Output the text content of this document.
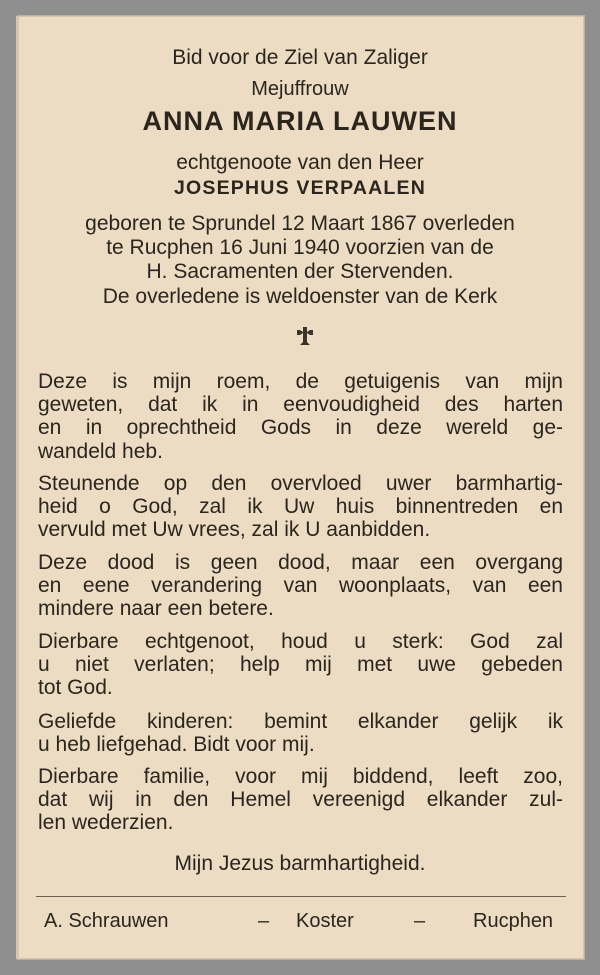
Bid voor de Ziel van Zaliger
Mejuffrouw
ANNA MARIA LAUWEN
echtgenoote van den Heer
JOSEPHUS VERPAALEN
geboren te Sprundel 12 Maart 1867 overleden
te Rucphen 16 Juni 1940 voorzien van de
H. Sacramenten der Stervenden.
De overledene is weldoenster van de Kerk
Deze is mijn roem, de getuigenis van mijn
geweten, dat ik in eenvoudigheid des harten
en in oprechtheid Gods in deze wereld ge-
wandeld heb.
Steunende op den overvloed uwer barmhartig-
heid o God, zal ik Uw huis binnentreden en
vervuld met Uw vrees, zal ik U aanbidden.
Deze dood is geen dood, maar een overgang
en eene verandering van woonplaats, van een
mindere naar een betere.
Dierbare echtgenoot, houd u sterk: God zal
u niet verlaten; help mij met uwe gebeden
tot God.
Geliefde kinderen: bemint elkander gelijk ik
u heb liefgehad. Bidt voor mij.
Dierbare familie, voor mij biddend, leeft zoo,
dat wij in den Hemel vereenigd elkander zul-
len wederzien.
Mijn Jezus barmhartigheid.
A. Schrauwen	– Koster	– Rucphen
